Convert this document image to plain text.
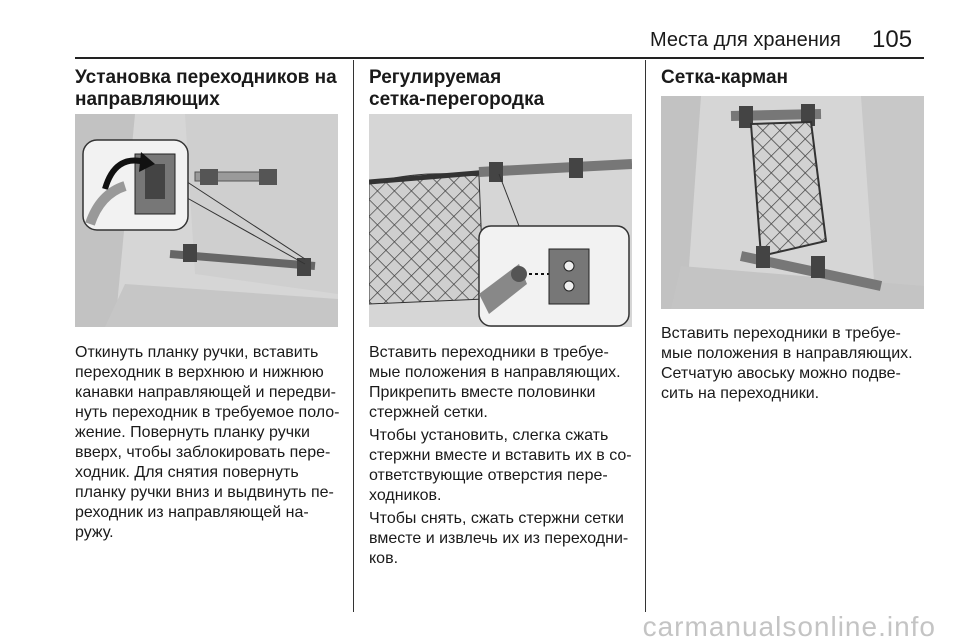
Места для хранения 105
Установка переходников на
направляющих

Откинуть планку ручки, вставить
переходник в верхнюю и нижнюю
канавки направляющей и передви-
нуть переходник в требуемое поло-
жение. Повернуть планку ручки
вверх, чтобы заблокировать пере-
ходник. Для снятия повернуть
планку ручки вниз и выдвинуть пе-
реходник из направляющей на-
ружу.

Регулируемая
сетка-перегородка

Вставить переходники в требуе-
мые положения в направляющих.
Прикрепить вместе половинки
стержней сетки.

Чтобы установить, слегка сжать
стержни вместе и вставить их в со-
ответствующие отверстия пере-
ходников.

Чтобы снять, сжать стержни сетки
вместе и извлечь их из переходни-
ков.

Сетка-карман

Вставить переходники в требуе-
мые положения в направляющих.
Сетчатую авоську можно подве-
сить на переходники.

carmanualsonline.info
